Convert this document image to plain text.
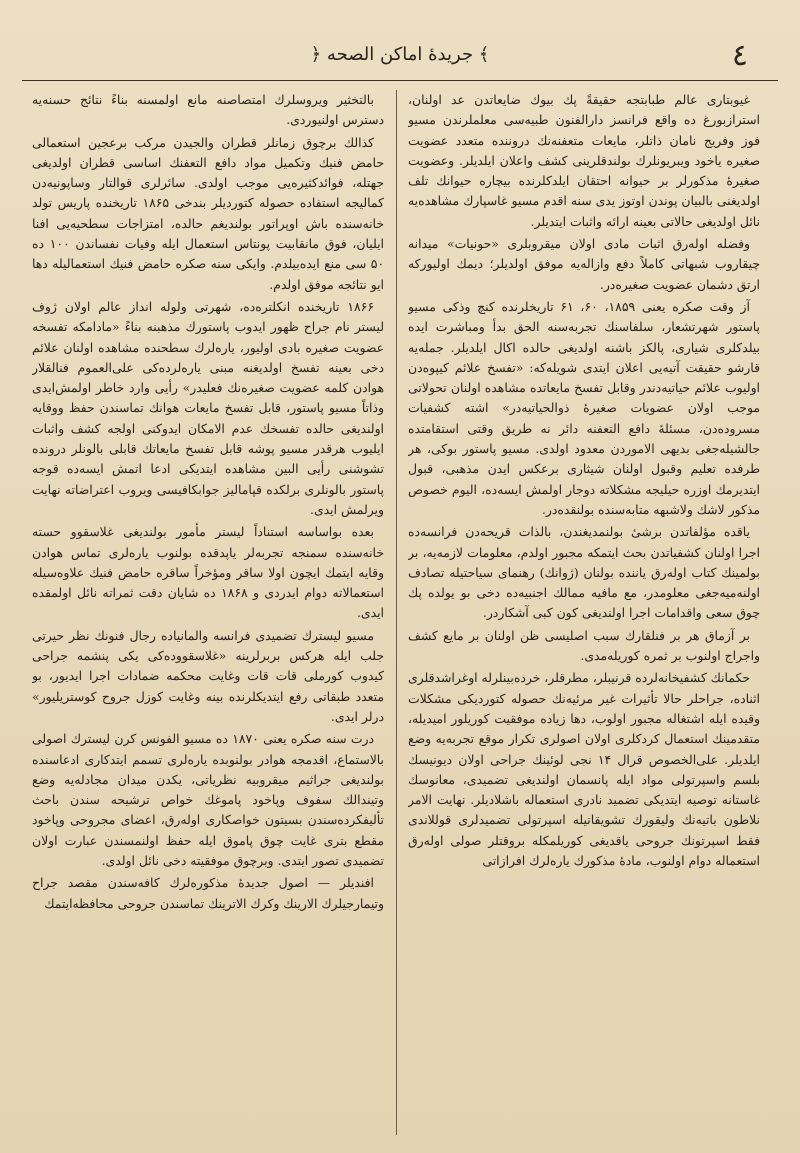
﴿ جريدهٔ اماكن الصحه ﴾	٤

غیوبتاری عالم طبابتجه حقیقةً پك بیوك ضایعاتدن عد اولنان، استرازبورغ ده واقع فرانسز دارالفنون طبیه‌سی معلملرندن مسیو فوز وفریج نامان ذاتلر، مایعات متعفنه‌نك دروننده متعدد عضویت صغیره یاخود ویبریونلرك بولندقلرینی كشف واعلان ایلدیلر. وعضویت صغیرهٔ مذكورلر بر حیوانه احتقان ایلدكلرنده بیچاره حیوانك تلف اولدیغنی بالبیان پوندن اوتوز یدی سنه اقدم مسیو غاسپارك مشاهده‌یه نائل اولدیغی حالاتی بعینه ارائه واثبات ایتدیلر.

وفضله اوله‌رق اثبات مادی اولان میقروبلری «حونیات» میدانه چیقاروب شبهاتی كاملاً دفع وازاله‌یه موفق اولدیلر؛ دیمك اولیورکه ارتق دشمان عضویت صغیره‌در.

آز وقت صكره یعنی ۱۸۵۹، ۶۰، ۶۱ تاریخلرنده كنچ وذكی مسیو پاستور شهرتشعار، سلفاسنك تجربه‌سنه الحق بدأ ومباشرت ایده بیلدكلری شیاری، پالكز باشنه اولدیغی حالده اكال ایلدیلر. جمله‌یه قارشو حقیقت آتیه‌یی اعلان ایتدی شویله‌كه: «تفسخ علائم كیپوه‌دن اولیوب علائم حیاتیه‌دندر وقابل تفسخ مایعاتده مشاهده اولنان تحولاتی موجب اولان عضویات صغیرهٔ ذوالحیاتیه‌در» اشته كشفیات مسروده‌دن، مسئلهٔ دافع التعفنه دائر نه طریق وقتی استقامتده جالشیله‌جغی بدیهی الامور‌دن معدود اولدی. مسیو پاستور بوكی، هر طرفده تعلیم وقبول اولنان شیثاری برعكس ایدن مذهبی، قبول ایتدیرمك اوزره حیلیجه مشكلاته دوجار اولمش ایسه‌ده، الیوم خصوص مذكور لاشك ولاشبهه متابه‌سنده بولنقده‌در.

یاقده مؤلفاتدن برشیٔ بولنمدیغندن، بالذات قریحه‌دن فرانسه‌ده اجرا اولنان كشفیاتدن بحث ایتمكه مجبور اولدم، معلومات لازمه‌یه، بر بولمینك كتاب اوله‌رق یاننده بولنان (ژوانك) رهنمای سیاحتیله تصادف اولنه‌میه‌جغی معلومدر، مع مافیه ممالك اجنبیه‌ده دخی بو یولده پك چوق سعی واقدامات اجرا اولندیغی كون كبی آشكاردر.

بر آزماق هر بر فنلقارك سبب اصلیسی ظن اولنان بر مایع كشف واجراج اولنوب بر ثمره كوریله‌مدی.

حكمانك كشفیخانه‌لرده قرنیبلر، مطرقلر، خرده‌بینلرله اوغراشدقلری اثناده، جراحلر حالا تأثیرات غیر مرئیه‌نك حصوله كتوردیكی مشكلات وقیده ایله اشتغاله مجبور اولوب، دها زیاده موفقیت كوریلور امیدیله، متقدمینك استعمال كردكلری اولان اصولری تكرار موقع تجربه‌یه وضع ایلدیلر. علی‌الخصوص قرال ۱۴ نجی لوئینك جراحی اولان دیونیسك بلسم واسپرتولی مواد ایله پانسمان اولندیغی تضمیدی، معانوسك غاستانه توصیه ایتدیكی تضمید نادری استعماله باشلادیلر. نهایت الامر نلاطون باتیه‌نك ولیقورك تشویقاتیله اسپرتولی تضمیدلری قوللاندی فقط اسپرتونك جروحی یاقدیغی كوریلمكله بروقتلر صولی اوله‌رق استعماله دوام اولنوب، مادهٔ مذكورك یاره‌لرك افرازاتی

بالتخثیر ویروسلرك امتصاصنه مانع اولمسنه بناءً نتائج حسنه‌یه دسترس اولنیوردی.

كذالك برچوق زمانلر قطران والجیدن مركب برعجین استعمالی حامض فنیك وتكمیل مواد دافع التعفنك اساسی قطران اولدیغی جهتله، فوائدكثیره‌یی موجب اولدی. سائرلری قوالتار وساپونیه‌دن كمالیجه استفاده حصوله كتوردیلر بندخی ۱۸۶۵ تاریخنده پاریس تولد خانه‌سنده باش اوپراتور بولندیغم حالده، امتزاجات سطحیه‌یی افنا ایلیان، فوق مانقابیت پونتاس استعمال ایله وفیات نفساندن ۱۰۰ ده ۵۰ سی منع ایده‌بیلدم. وایكی سنه صكره حامض فنیك استعمالیله دها ایو نتائجه موفق اولدم.

۱۸۶۶ تاریخنده انكلتره‌ده، شهرتی ولوله انداز عالم اولان ژوف لیستر نام جراح ظهور ایدوب پاستورك مذهبنه بناءً «مادامكه تفسخه عضویت صغیره بادی اولیور، یاره‌لرك سطحنده مشاهده اولنان علائم دخی بعینه تفسخ اولدیغنه مبنی یاره‌لرده‌كی علی‌العموم فنالقلار هوادن كلمه عضویت صغیره‌نك فعلیدر» رأیی وارد خاطر اولمش‌ایدی وذاتاً مسیو پاستور، قابل تفسخ مایعات هوانك تماسندن حفظ ووقایه اولندیغی حالده تفسخك عدم الامكان ایدوكنی اولجه كشف واثبات ایلیوب هرقدر مسیو پوشه قابل تفسخ مایعاتك قابلی بالونلر درونده تشوشنی رأیی البین مشاهده ایتدیكی ادعا اتمش ایسه‌ده قوجه پاستور بالونلری برلكده قپامالیز جوابكافیسی ویروب اعتراضاته نهایت ویرلمش ایدی.

بعده بواساسه استناداً لیستر مأمور بولندیغی غلاسقوو حسته خانه‌سنده سمنجه تجربه‌لر یاپدقده بولنوب یاره‌لری تماس هوادن وقایه ایتمك ایچون اولا ساقر ومؤخراً ساقره حامض فنیك علاوه‌سیله استعمالاته دوام ایدردی و ۱۸۶۸ ده شایان دقت ثمراته نائل اولمقده ایدی.

مسیو لیسترك تضمیدی فرانسه والمانیاده رجال فنونك نظر حیرتی جلب ایله هركس بربرلرینه «غلاسقووده‌كی یكی پنشمه جراحی كیدوب كورملی قات قات وغایت محکمه ضمادات اجرا ایدیور، بو متعدد طبقاتی رفع ایتدیكلرنده بینه وغایت كوزل جروح كوستریلیور» درلر ایدی.

درت سنه صكره یعنی ۱۸۷۰ ده مسیو الفونس كرن لیسترك اصولی بالاستماع، اقدمجه هوادر بولنوبده یاره‌لری تسمم ایتدكاری ادعاسنده بولندیغی جراثیم میقروبیه نظریاتی، یكدن میدان مجادله‌یه وضع وتیندالك سفوف وپاخود پاموغك خواص ترشیحه سندن باحث تألیفكرده‌سندن بسیتون خواصكاری اوله‌رق، اعضای مجروحی وپاخود مقطع بتری غایت چوق پاموق ایله حفظ اولنمسندن عبارت اولان تضمیدی تصور ایتدی. وبرچوق موفقیته دخی نائل اولدی.

افندیلر — اصول جدیدهٔ مذكوره‌لرك كافه‌سندن مقصد جراح وتیمارجیلرك الارینك وكرك الاترینك تماسندن جروحی محافظه‌ایتمك
